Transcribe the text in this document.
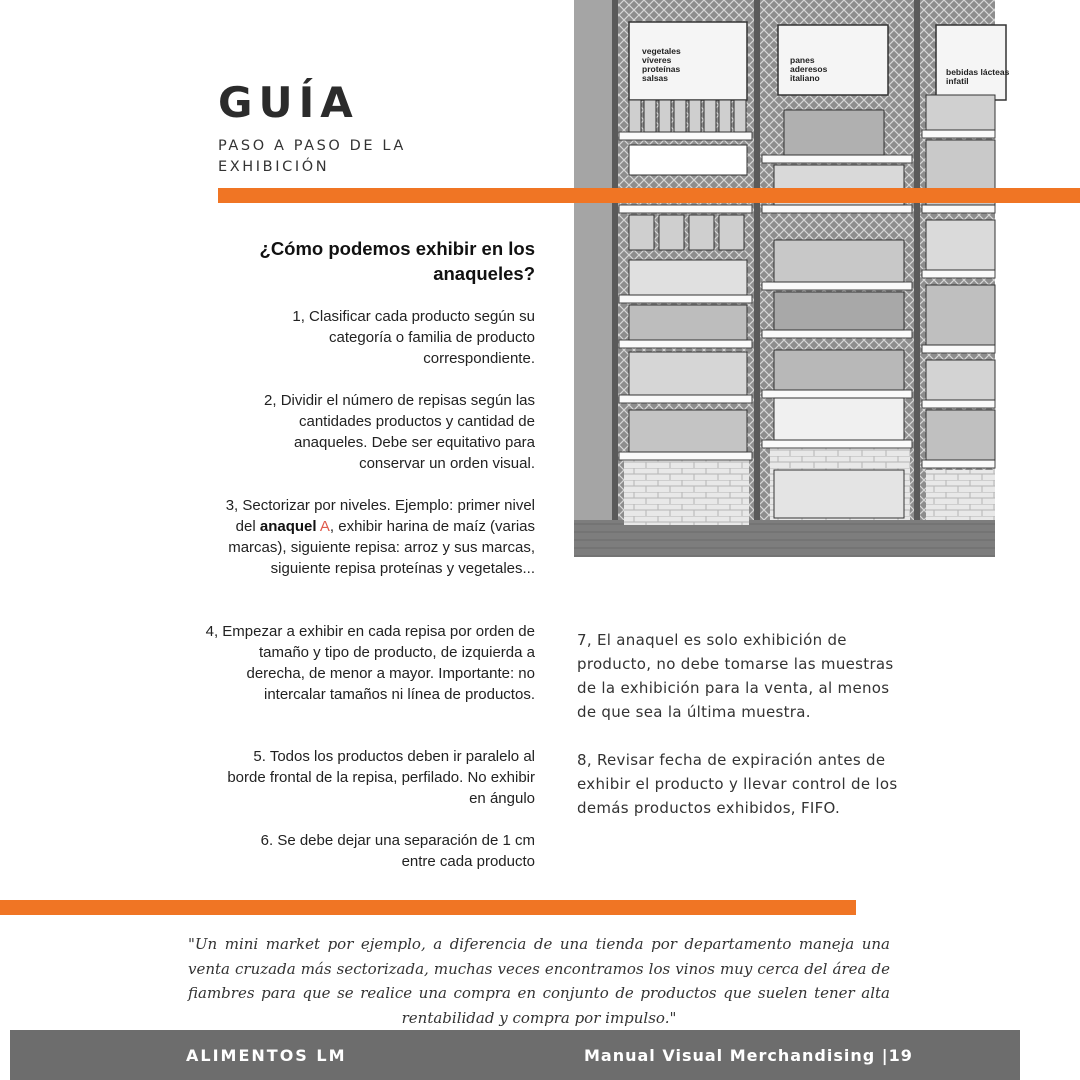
GUÍA
PASO A PASO DE LA EXHIBICIÓN
vegetales
víveres
proteínas
salsas
panes
aderesos
italiano
bebidas lácteas
infatil
¿Cómo podemos exhibir en los anaqueles?
1, Clasificar cada producto según su categoría o familia de producto correspondiente.
2, Dividir el número de repisas según las cantidades productos y cantidad de anaqueles. Debe ser equitativo para conservar un orden visual.
3, Sectorizar por niveles. Ejemplo: primer nivel del anaquel A, exhibir harina de maíz (varias marcas), siguiente repisa: arroz y sus marcas, siguiente repisa proteínas y vegetales...
4, Empezar a exhibir en cada repisa por orden de tamaño y tipo de producto, de izquierda a derecha, de menor a mayor. Importante: no intercalar tamaños ni línea de productos.
5. Todos los productos deben ir paralelo al borde frontal de la repisa, perfilado. No exhibir en ángulo
6. Se debe dejar una separación de 1 cm entre cada producto
7, El anaquel es solo exhibición de producto, no debe tomarse las muestras de la exhibición para la venta, al menos de que sea la última muestra.
8, Revisar fecha de expiración antes de exhibir el producto y llevar control de los demás productos exhibidos, FIFO.
"Un mini market por ejemplo, a diferencia de una tienda por departamento maneja una venta cruzada más sectorizada, muchas veces encontramos los vinos muy cerca del área de fiambres para que se realice una compra en conjunto de productos que suelen tener alta rentabilidad y compra por impulso."
ALIMENTOS LM	Manual Visual Merchandising |19
